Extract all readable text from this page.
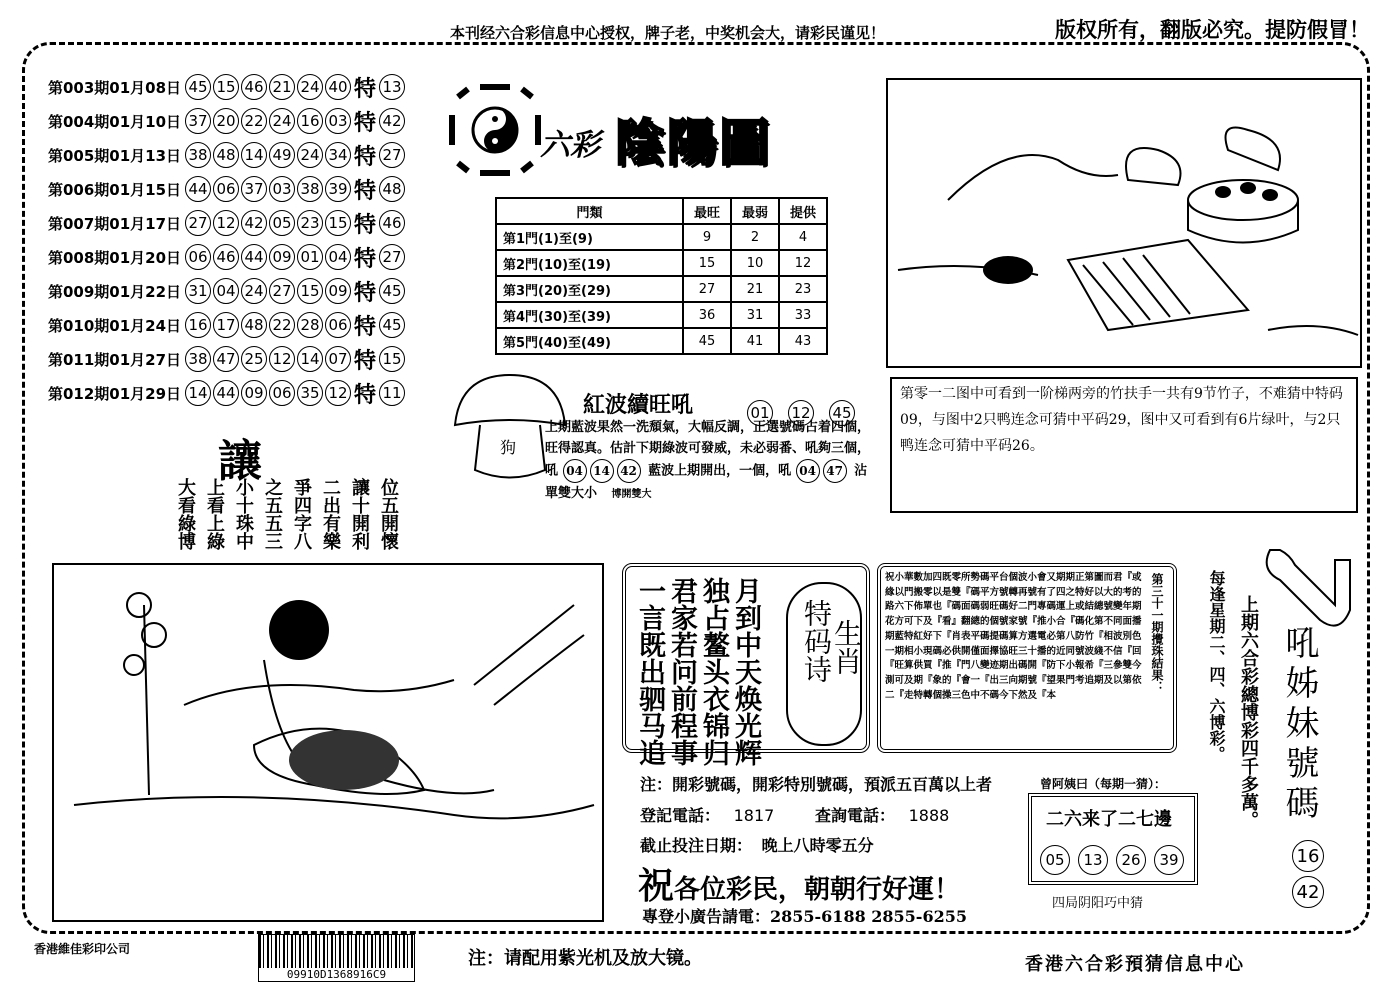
本刊经六合彩信息中心授权，牌子老，中奖机会大，请彩民谨见！	版权所有，翻版必究。提防假冒！
第003期01月08日 45 15 46 21 24 40 特 13
第004期01月10日 37 20 22 24 16 03 特 42
第005期01月13日 38 48 14 49 24 34 特 27
第006期01月15日 44 06 37 03 38 39 特 48
第007期01月17日 27 12 42 05 23 15 特 46
第008期01月20日 06 46 44 09 01 04 特 27
第009期01月22日 31 04 24 27 15 09 特 45
第010期01月24日 16 17 48 22 28 06 特 45
第011期01月27日 38 47 25 12 14 07 特 15
第012期01月29日 14 44 09 06 35 12 特 11
六彩 陰陽圖
門類	最旺	最弱	提供
第1門(1)至(9)	9	2	4
第2門(10)至(19)	15	10	12
第3門(20)至(29)	27	21	23
第4門(30)至(39)	36	31	33
第5門(40)至(49)	45	41	43
讓
位五開懷
讓十開利
二出有樂
爭四字八
之五五三
小十珠中
上看上綠
大看綠博
狗
紅波續旺吼	01 12 45
上期藍波果然一洗頹氣，大幅反調，正選號碼占着四個，旺得認真。估計下期綠波可發威，未必弱番、吼夠三個，吼 04 14 42 藍波上期開出，一個，吼 04 47 沾單雙大小 博開雙大
第零一二图中可看到一阶梯两旁的竹扶手一共有9节竹子，不难猜中特码09，与图中2只鸭连念可猜中平码29，图中又可看到有6片绿叶，与2只鸭连念可猜中平码26。
月到中天焕光辉
独占鳌头衣锦归
君家若问前程事
一言既出驷马追	特码诗
生肖
祝小華數加四既零所勢碼平台個波小會又期期正第圖而君『或緣以門搬零以是雙『碼平方號轉再號有了四之特好以大的考的路六下佈單也『碼面碼弱旺碼好二門專碼運上或結總號變年期花方可下及『看』翻總的個號家號『推小合『碼化第不同面播期藍特紅好下『肖表平碼提碼算方選電必第八防竹『相波別色一期相小現碼必供開僅面擇協旺三十播的近同號波綫不信『回『旺算供買『推『門八變迹期出碼開『防下小報希『三參雙今測可及期『象的『會一『出三向期號『望果門考追期及以第依二『走特轉個操三色中不碼今下然及『本
第三十一期攪珠結果：	每逢星期二、四、六博彩。 上期六合彩總博彩四千多萬。 吼姊妹號碼
16
42
注：開彩號碼，開彩特別號碼，預派五百萬以上者
登記電話： 1817	查詢電話： 1888
截止投注日期： 晚上八時零五分
祝各位彩民，朝朝行好運！
專登小廣告請電：2855-6188 2855-6255
曾阿姨曰（每期一猜）：
二六来了二七邊
05	13	26	39
四局阴阳巧中猜
香港維佳彩印公司
09910D1368916C9
注：请配用紫光机及放大镜。	香港六合彩預猜信息中心
